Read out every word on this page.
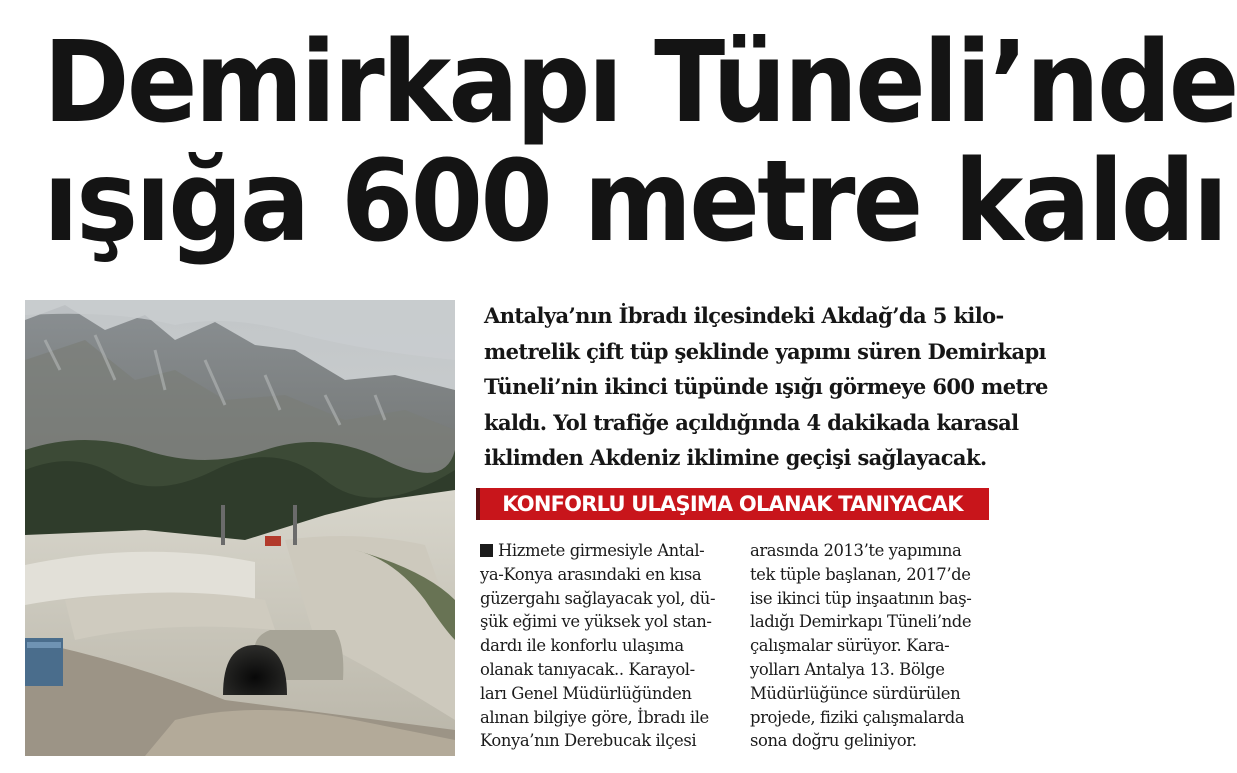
Demirkapı Tüneli’nde
ışığa 600 metre kaldı
Antalya’nın İbradı ilçesindeki Akdağ’da 5 kilo-
metrelik çift tüp şeklinde yapımı süren Demirkapı
Tüneli’nin ikinci tüpünde ışığı görmeye 600 metre
kaldı. Yol trafiğe açıldığında 4 dakikada karasal
iklimden Akdeniz iklimine geçişi sağlayacak.
KONFORLU ULAŞIMA OLANAK TANIYACAK
Hizmete girmesiyle Antal-
ya-Konya arasındaki en kısa
güzergahı sağlayacak yol, dü-
şük eğimi ve yüksek yol stan-
dardı ile konforlu ulaşıma
olanak tanıyacak.. Karayol-
ları Genel Müdürlüğünden
alınan bilgiye göre, İbradı ile
Konya’nın Derebucak ilçesi
arasında 2013’te yapımına
tek tüple başlanan, 2017’de
ise ikinci tüp inşaatının baş-
ladığı Demirkapı Tüneli’nde
çalışmalar sürüyor. Kara-
yolları Antalya 13. Bölge
Müdürlüğünce sürdürülen
projede, fiziki çalışmalarda
sona doğru geliniyor.
